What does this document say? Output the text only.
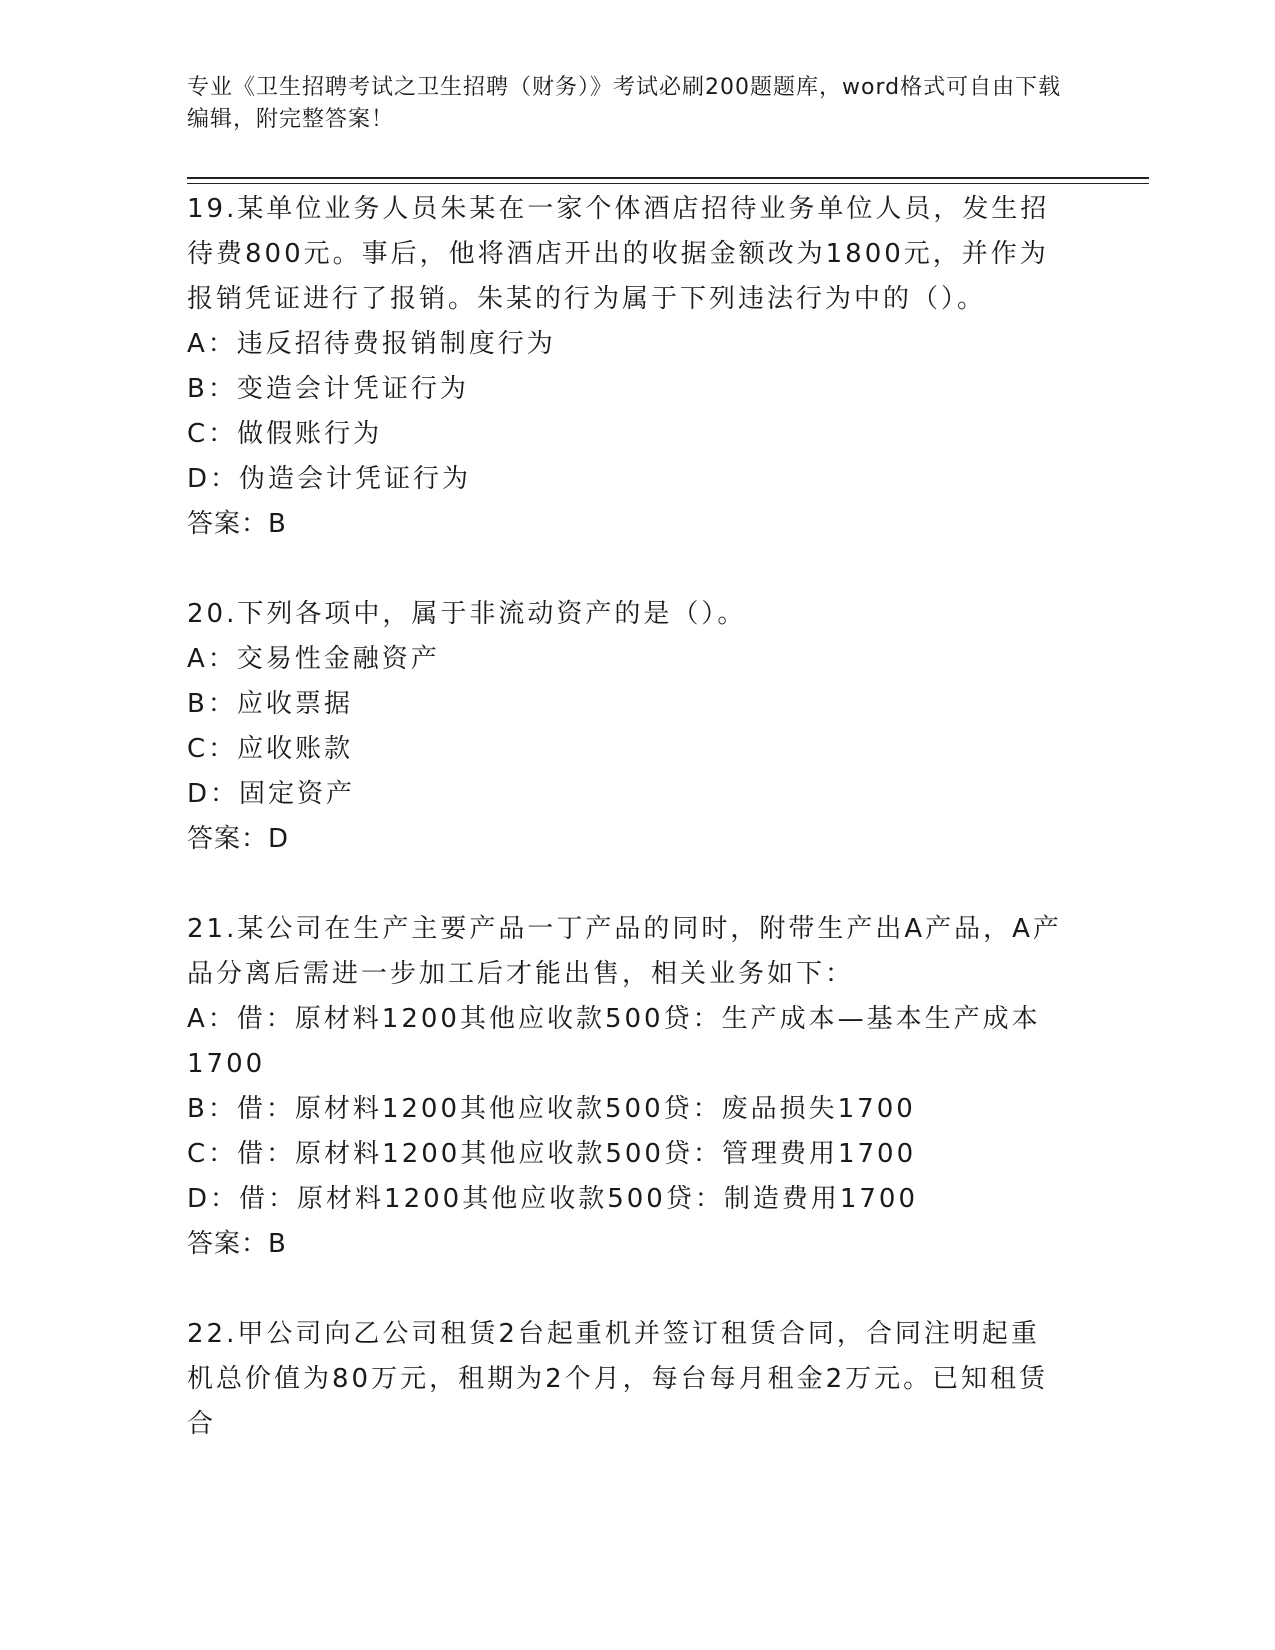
专业《卫生招聘考试之卫生招聘（财务）》考试必刷200题题库，word格式可自由下载编辑，附完整答案！

19.某单位业务人员朱某在一家个体酒店招待业务单位人员，发生招待费800元。事后，他将酒店开出的收据金额改为1800元，并作为报销凭证进行了报销。朱某的行为属于下列违法行为中的（）。

A：违反招待费报销制度行为

B：变造会计凭证行为

C：做假账行为

D：伪造会计凭证行为

答案：B

20.下列各项中，属于非流动资产的是（）。

A：交易性金融资产

B：应收票据

C：应收账款

D：固定资产

答案：D

21.某公司在生产主要产品一丁产品的同时，附带生产出A产品，A产品分离后需进一步加工后才能出售，相关业务如下：

A：借：原材料1200其他应收款500贷：生产成本—基本生产成本1700

B：借：原材料1200其他应收款500贷：废品损失1700

C：借：原材料1200其他应收款500贷：管理费用1700

D：借：原材料1200其他应收款500贷：制造费用1700

答案：B

22.甲公司向乙公司租赁2台起重机并签订租赁合同，合同注明起重机总价值为80万元，租期为2个月，每台每月租金2万元。已知租赁合
